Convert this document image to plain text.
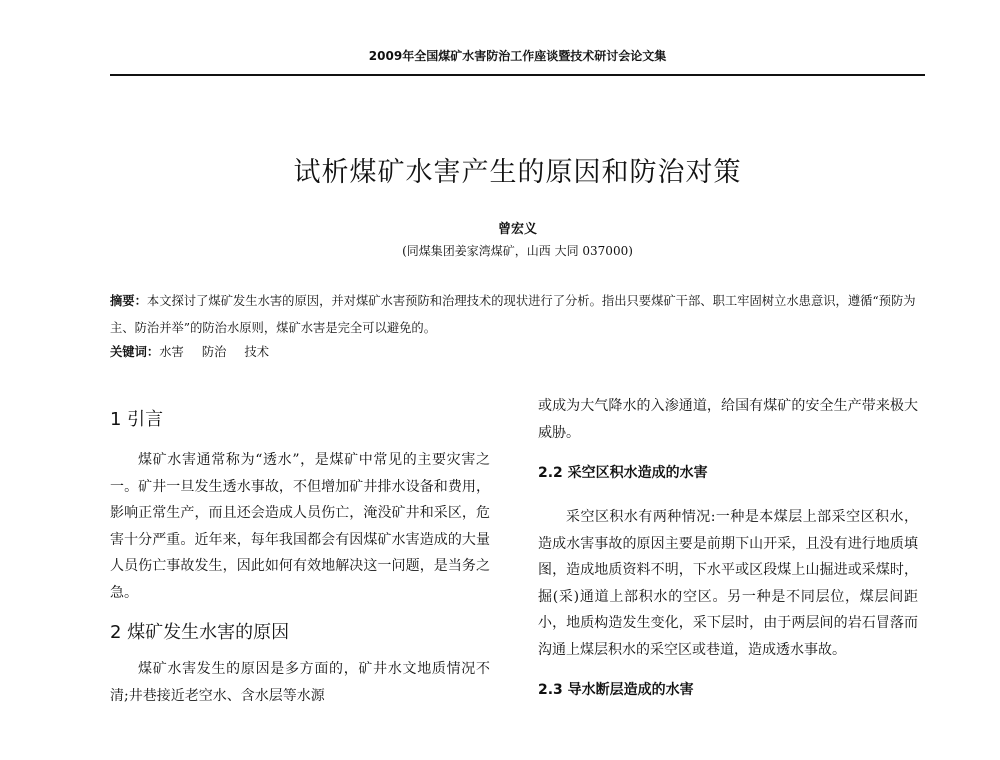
2009年全国煤矿水害防治工作座谈暨技术研讨会论文集
试析煤矿水害产生的原因和防治对策
曾宏义
(同煤集团姜家湾煤矿，山西 大同 037000)

摘要：本文探讨了煤矿发生水害的原因，并对煤矿水害预防和治理技术的现状进行了分析。指出只要煤矿干部、职工牢固树立水患意识，遵循“预防为主、防治并举”的防治水原则，煤矿水害是完全可以避免的。

关键词：水害 防治 技术

1 引言

煤矿水害通常称为“透水”，是煤矿中常见的主要灾害之一。矿井一旦发生透水事故，不但增加矿井排水设备和费用，影响正常生产，而且还会造成人员伤亡，淹没矿井和采区，危害十分严重。近年来，每年我国都会有因煤矿水害造成的大量人员伤亡事故发生，因此如何有效地解决这一问题，是当务之急。

2 煤矿发生水害的原因

煤矿水害发生的原因是多方面的，矿井水文地质情况不清;井巷接近老空水、含水层等水源

或成为大气降水的入渗通道，给国有煤矿的安全生产带来极大威胁。

2.2 采空区积水造成的水害

采空区积水有两种情况:一种是本煤层上部采空区积水，造成水害事故的原因主要是前期下山开采，且没有进行地质填图，造成地质资料不明，下水平或区段煤上山掘进或采煤时，掘(采)通道上部积水的空区。另一种是不同层位，煤层间距小，地质构造发生变化，采下层时，由于两层间的岩石冒落而沟通上煤层积水的采空区或巷道，造成透水事故。

2.3 导水断层造成的水害
